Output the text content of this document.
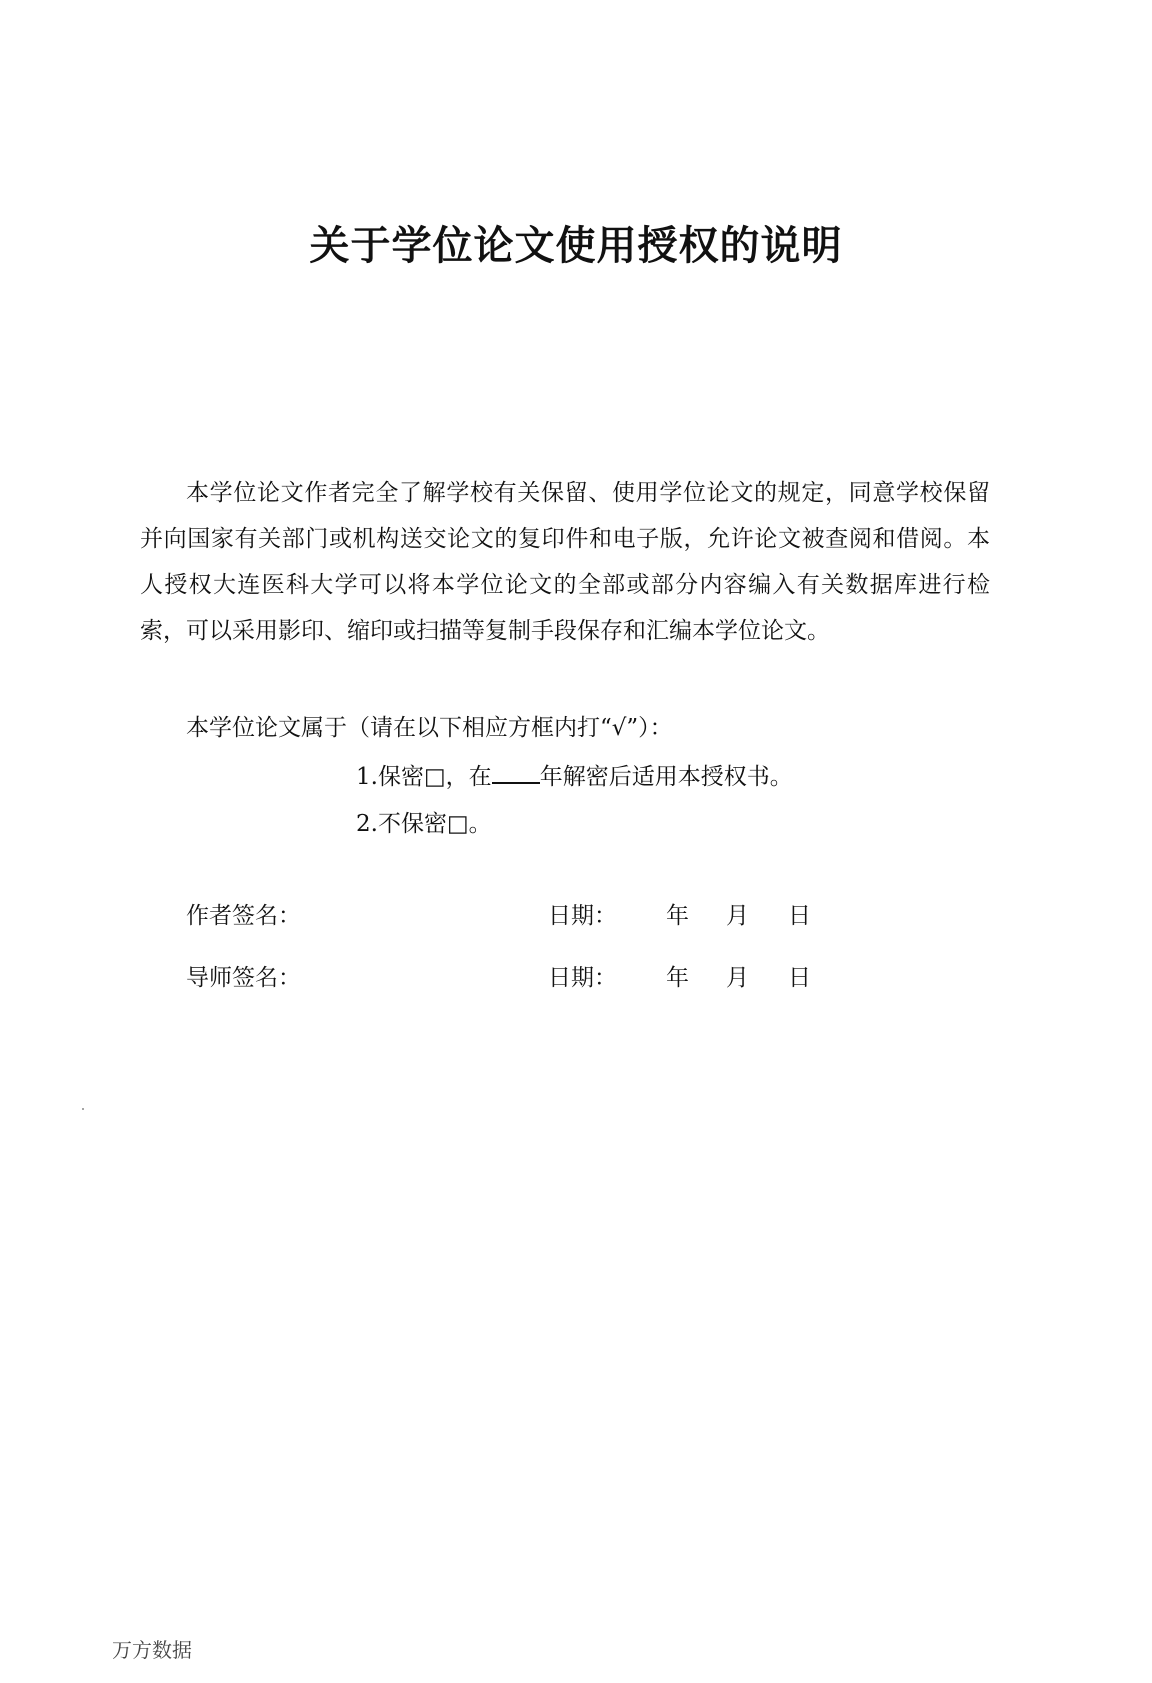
关于学位论文使用授权的说明

本学位论文作者完全了解学校有关保留、使用学位论文的规定，同意学校保留并向国家有关部门或机构送交论文的复印件和电子版，允许论文被查阅和借阅。本人授权大连医科大学可以将本学位论文的全部或部分内容编入有关数据库进行检索，可以采用影印、缩印或扫描等复制手段保存和汇编本学位论文。

本学位论文属于（请在以下相应方框内打“√”）：

1.保密□，在 年解密后适用本授权书。

2.不保密□。

作者签名：	日期： 年 月 日

导师签名：	日期： 年 月 日

万方数据
